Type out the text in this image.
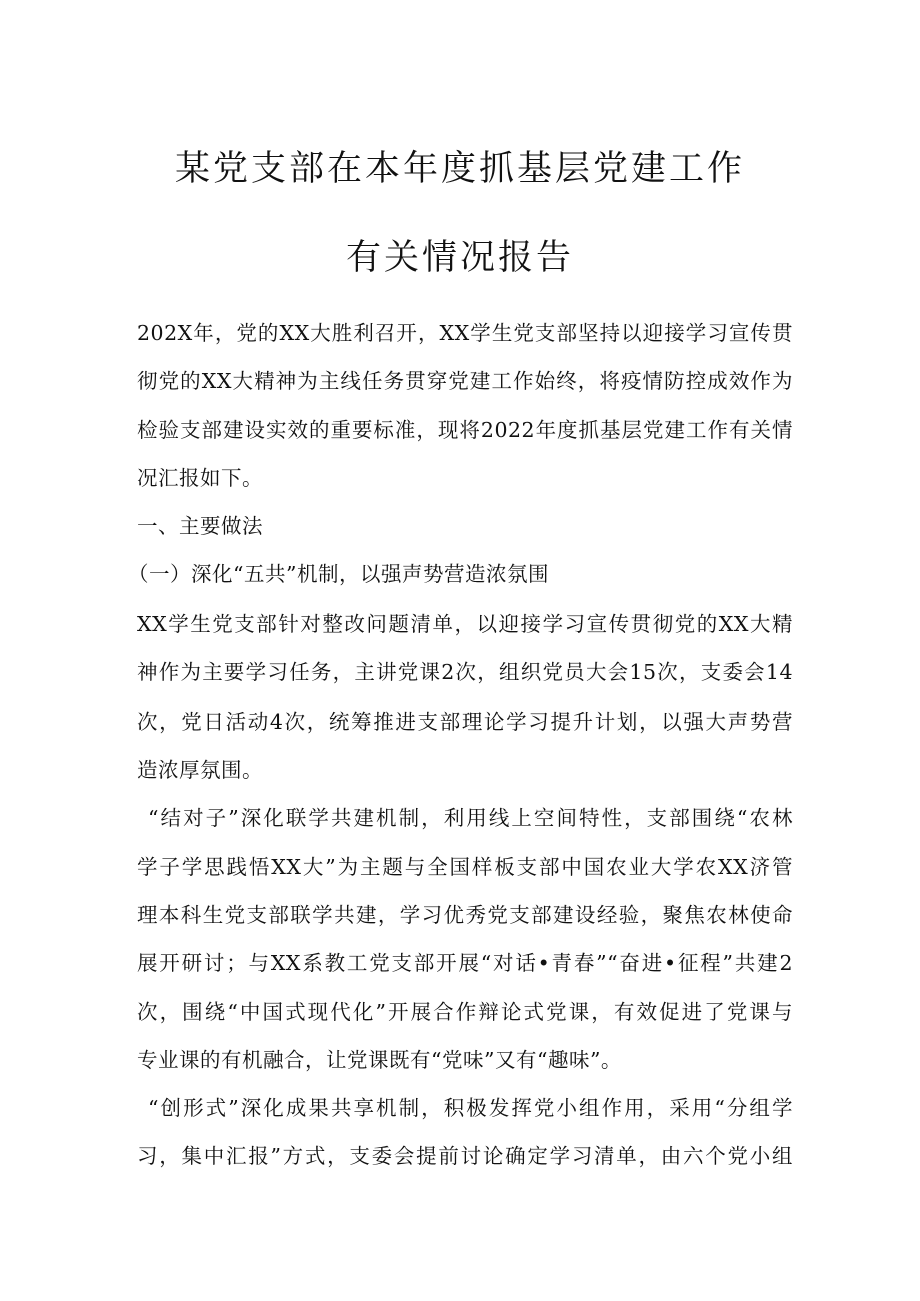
某党支部在本年度抓基层党建工作
有关情况报告
202X年，党的XX大胜利召开，XX学生党支部坚持以迎接学习宣传贯
彻党的XX大精神为主线任务贯穿党建工作始终，将疫情防控成效作为
检验支部建设实效的重要标准，现将2022年度抓基层党建工作有关情
况汇报如下。
一、主要做法
（一）深化“五共”机制，以强声势营造浓氛围
XX学生党支部针对整改问题清单，以迎接学习宣传贯彻党的XX大精
神作为主要学习任务，主讲党课2次，组织党员大会15次，支委会14
次，党日活动4次，统筹推进支部理论学习提升计划，以强大声势营
造浓厚氛围。
“结对子”深化联学共建机制，利用线上空间特性，支部围绕“农林
学子学思践悟XX大”为主题与全国样板支部中国农业大学农XX济管
理本科生党支部联学共建，学习优秀党支部建设经验，聚焦农林使命
展开研讨；与XX系教工党支部开展“对话•青春”“奋进•征程”共建2
次，围绕“中国式现代化”开展合作辩论式党课，有效促进了党课与
专业课的有机融合，让党课既有“党味”又有“趣味”。
“创形式”深化成果共享机制，积极发挥党小组作用，采用“分组学
习，集中汇报”方式，支委会提前讨论确定学习清单，由六个党小组
